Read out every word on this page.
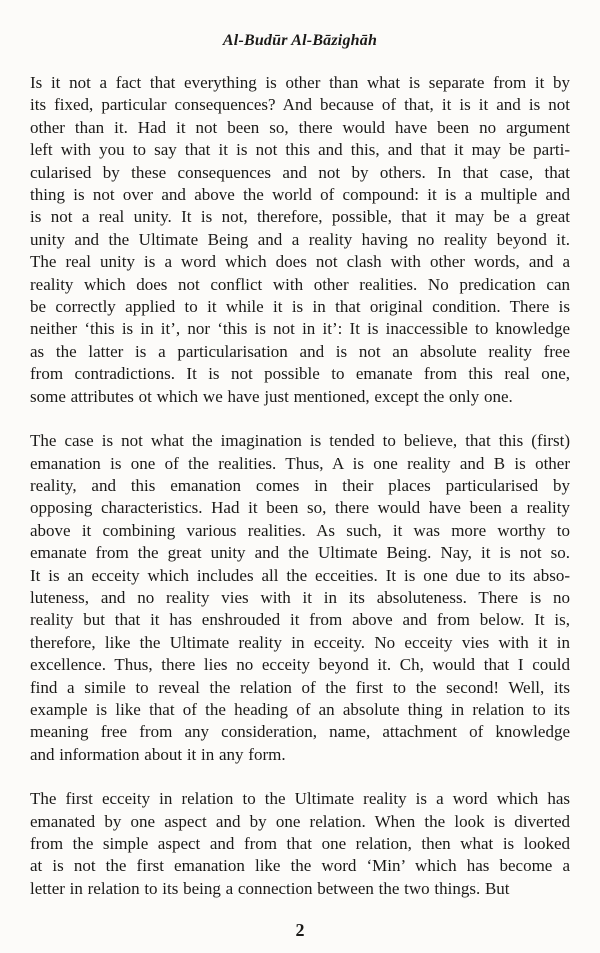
Al-Budūr Al-Bāzighāh
Is it not a fact that everything is other than what is separate from it by
its fixed, particular consequences? And because of that, it is it and is not
other than it. Had it not been so, there would have been no argument
left with you to say that it is not this and this, and that it may be parti-
cularised by these consequences and not by others. In that case, that
thing is not over and above the world of compound: it is a multiple and
is not a real unity. It is not, therefore, possible, that it may be a great
unity and the Ultimate Being and a reality having no reality beyond it.
The real unity is a word which does not clash with other words, and a
reality which does not conflict with other realities. No predication can
be correctly applied to it while it is in that original condition. There is
neither ‘this is in it’, nor ‘this is not in it’: It is inaccessible to knowledge
as the latter is a particularisation and is not an absolute reality free
from contradictions. It is not possible to emanate from this real one,
some attributes ot which we have just mentioned, except the only one.
The case is not what the imagination is tended to believe, that this (first)
emanation is one of the realities. Thus, A is one reality and B is other
reality, and this emanation comes in their places particularised by
opposing characteristics. Had it been so, there would have been a reality
above it combining various realities. As such, it was more worthy to
emanate from the great unity and the Ultimate Being. Nay, it is not so.
It is an ecceity which includes all the ecceities. It is one due to its abso-
luteness, and no reality vies with it in its absoluteness. There is no
reality but that it has enshrouded it from above and from below. It is,
therefore, like the Ultimate reality in ecceity. No ecceity vies with it in
excellence. Thus, there lies no ecceity beyond it. Ch, would that I could
find a simile to reveal the relation of the first to the second! Well, its
example is like that of the heading of an absolute thing in relation to its
meaning free from any consideration, name, attachment of knowledge
and information about it in any form.
The first ecceity in relation to the Ultimate reality is a word which has
emanated by one aspect and by one relation. When the look is diverted
from the simple aspect and from that one relation, then what is looked
at is not the first emanation like the word ‘Min’ which has become a
letter in relation to its being a connection between the two things. But
2
